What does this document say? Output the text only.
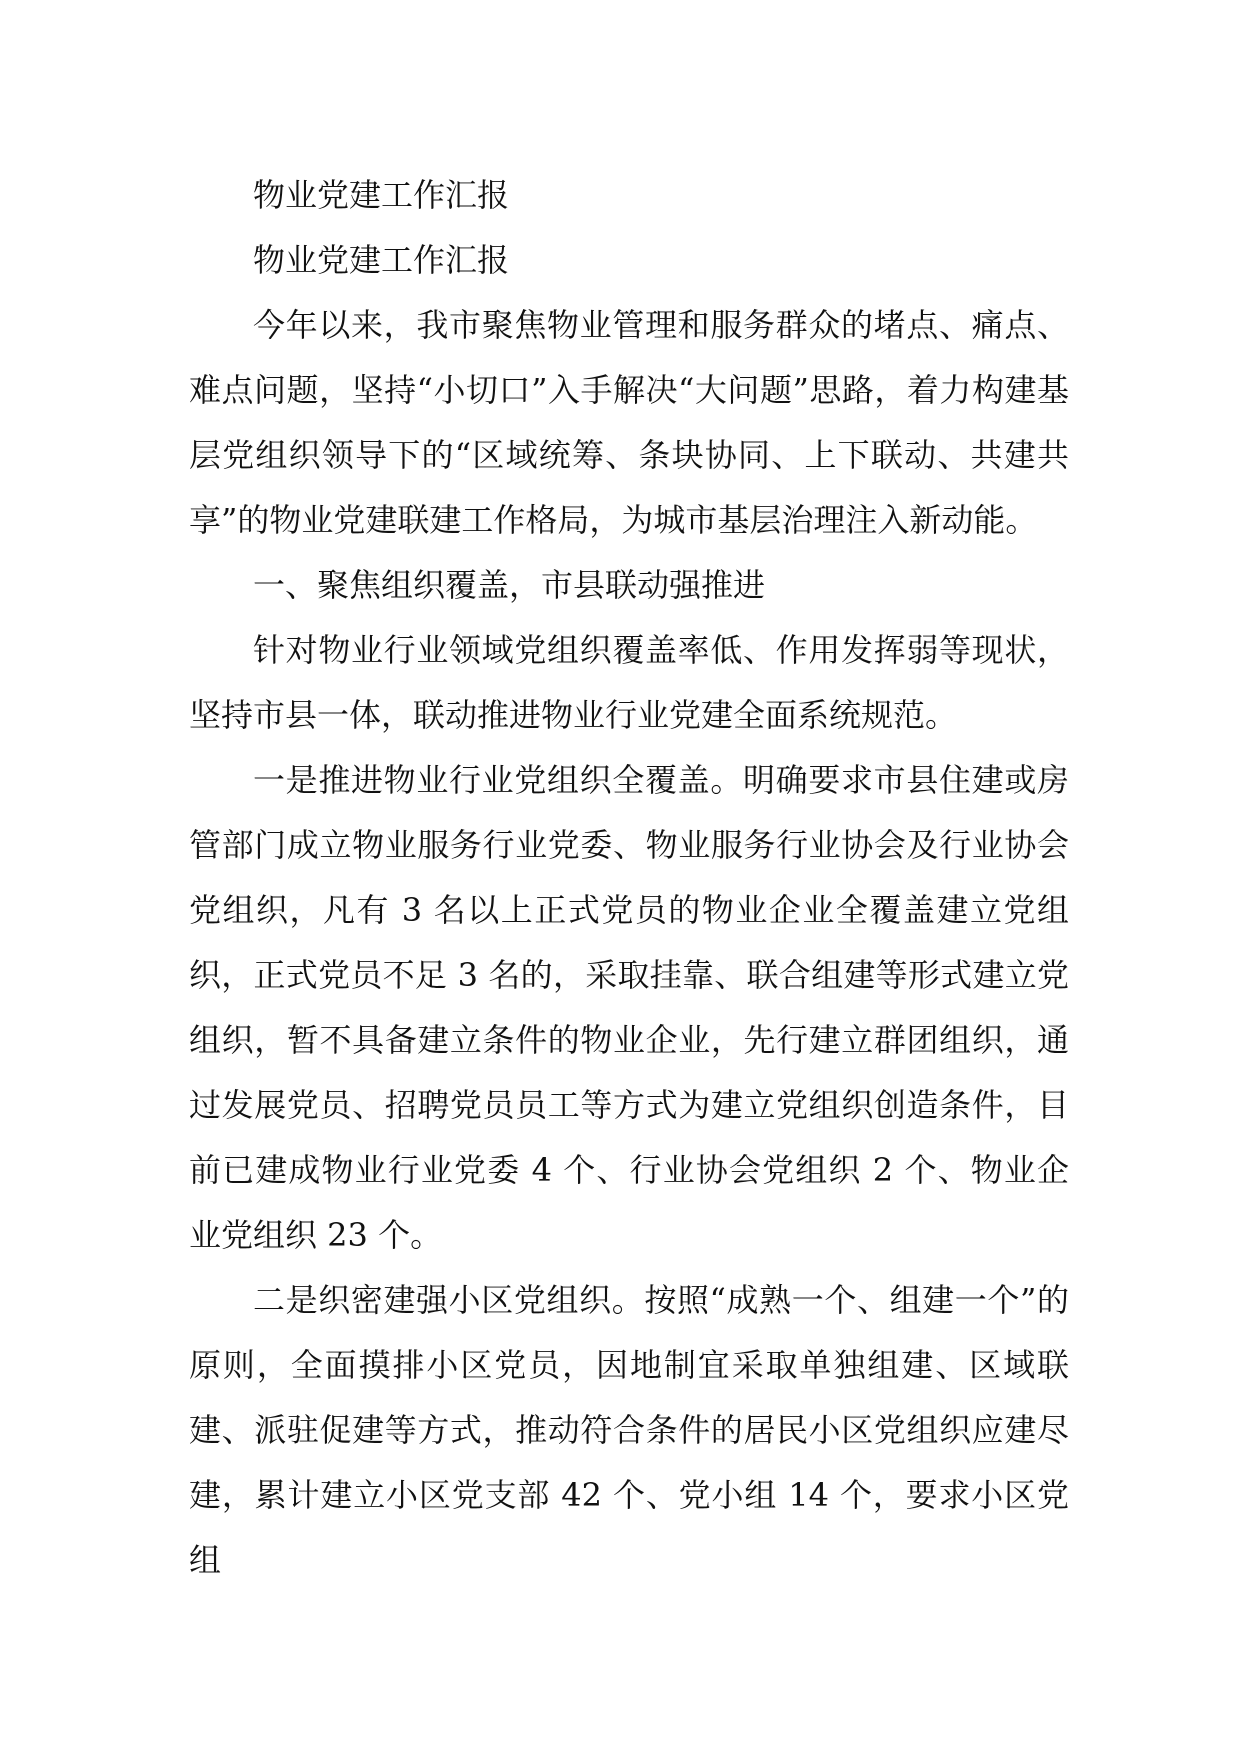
物业党建工作汇报

物业党建工作汇报

今年以来，我市聚焦物业管理和服务群众的堵点、痛点、难点问题，坚持“小切口”入手解决“大问题”思路，着力构建基层党组织领导下的“区域统筹、条块协同、上下联动、共建共享”的物业党建联建工作格局，为城市基层治理注入新动能。

一、聚焦组织覆盖，市县联动强推进

针对物业行业领域党组织覆盖率低、作用发挥弱等现状，坚持市县一体，联动推进物业行业党建全面系统规范。

一是推进物业行业党组织全覆盖。明确要求市县住建或房管部门成立物业服务行业党委、物业服务行业协会及行业协会党组织，凡有 3 名以上正式党员的物业企业全覆盖建立党组织，正式党员不足 3 名的，采取挂靠、联合组建等形式建立党组织，暂不具备建立条件的物业企业，先行建立群团组织，通过发展党员、招聘党员员工等方式为建立党组织创造条件，目前已建成物业行业党委 4 个、行业协会党组织 2 个、物业企业党组织 23 个。

二是织密建强小区党组织。按照“成熟一个、组建一个”的原则，全面摸排小区党员，因地制宜采取单独组建、区域联建、派驻促建等方式，推动符合条件的居民小区党组织应建尽建，累计建立小区党支部 42 个、党小组 14 个，要求小区党组
